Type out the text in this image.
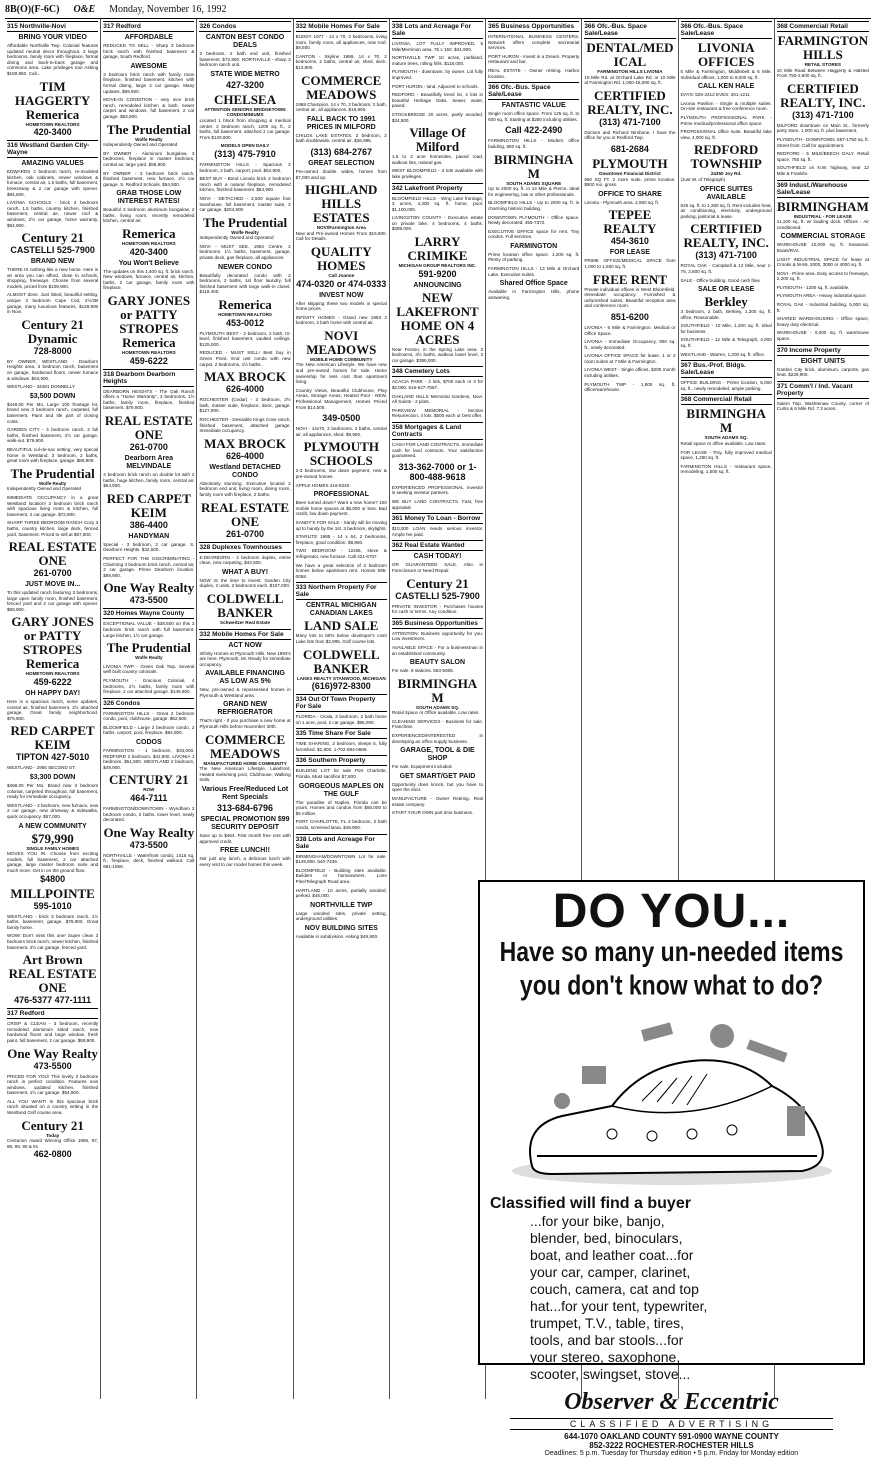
8B(O)(F-6C) O&E Monday, November 16, 1992
315 Northville-Novi
BRING YOUR VIDEO
Affordable Northville Twp. Colonial features updated neutral decor throughout, 3 large bedrooms, family room with fireplace, formal dining and back-to-back garage and commons area. Lake privileges too! Asking $159,850. Call...
TIM HAGGERTY
Remerica
HOMETOWN REALTORS
420-3400
316 Westland Garden City-Wayne
AMAZING VALUES
EDWARDS 3 bedroom ranch, re-modeled kitchen, oak cabinets, newer windows & furnace, central air, 1.5 baths, full basement, breezeway & 2 car garage with opener. $94,500.
LIVONIA SCHOOLS - brick 3 bedroom ranch, 1.5 baths, country kitchen, finished basement, central air, newer roof & windows, 2½ car garage, home warranty. $84,900.
Century 21
CASTELLI 525-7900
BRAND NEW
THERE IS nothing like a new home. Here is an area you can afford, close to schools, shopping, freeways. Choose from several models, priced from $109,900.
ALMOST done. Just listed, beautiful setting, unique 3 bedroom Cape Cod, 2½/2B garage, many luxurious features, $129,900 in Novi.
Century 21 Dynamic
728-8000
BY OWNER, WESTLAND - Dearborn Heights area, 3 bedroom ranch, basement on garage, hardwood floors, newer furnace & windows. $64,500.
WESTLAND - 34481 DONNELLY
$3,500 DOWN
$448.00 Per Mo. Large 100 frontage lot, brand new 3 bedroom ranch, carpeted, full basement. Paint and tile part of closing costs.
GARDEN CITY - 3 bedroom ranch, 2 full baths, finished basement, 2½ car garage, walk-out. $79,900.
BEAUTIFUL cul-de-sac setting, very special home in Westland. 3 bedroom, 2 baths, great room with fireplace, garage. $89,900.
The Prudential
Wolfe Realty
Independently Owned and Operated
IMMEDIATE OCCUPANCY in a great Westland location! 3 bedroom brick ranch with spacious living room & kitchen, full basement, 2 car garage. $72,900.
SHARP THREE BEDROOM RANCH Cozy 3 baths, country kitchen, large deck, fenced yard, basement. Priced to sell at $67,500.
REAL ESTATE ONE
261-0700
JUST MOVE IN...
To this updated ranch featuring 3 bedrooms, large open family room, finished basement, fenced yard and 2 car garage with opener. $59,900.
GARY JONES or PATTY STROPES
Remerica
HOMETOWN REALTORS
459-6222
OH HAPPY DAY!
Here is a spacious ranch, some updates, central air, finished basement, 2½ attached garage. Great family neighborhood. $79,900.
RED CARPET KEIM
TIPTON 427-5010
WESTLAND - 2955 SECOND ST.
$3,300 DOWN
$468.00 Per Mo. Brand new 3 bedroom colonial, carpeted throughout, full basement, ready for immediate occupancy.
WESTLAND - 3 bedroom, new furnace, new 2 car garage, new driveway & sidewalks, quick occupancy. $57,000.
A NEW COMMUNITY
$79,990
SINGLE FAMILY HOMES
MOVES YOU IN. Choose from exciting models, full basement, 2 car attached garage, large master bedroom suite and much more. Get in on the ground floor.
$4800
MILLPOINTE
595-1010
WESTLAND - brick 3 bedroom ranch, 1½ baths, basement, garage. $79,900. Great family home.
WOW! Don't miss this one! Super clean 3 bedroom brick ranch, newer kitchen, finished basement, 2½ car garage, fenced yard.
Art Brown
REAL ESTATE ONE
476-5377 477-1111
317 Redford
CRISP & CLEAN - 3 bedroom, recently remodeled aluminum sided ranch, new hardwood floors and large window, fresh paint, full basement, 2 car garage. $59,900.
One Way Realty
473-5500
PRICED FOR YOU! This lovely 3 bedroom ranch in perfect condition. Features new windows, updated kitchen, finished basement, 1½ car garage. $54,900.
ALL YOU WANT! In this spacious brick ranch situated on a country setting in the Westland Golf course area.
Century 21
Today
Centurion Award Winning Office 1986, 87, 88, 89, 90 & 91
462-0800
317 Redford
AFFORDABLE
REDUCED TO SELL - Sharp 3 bedroom brick ranch with finished basement & garage, South Redford.
AWESOME
3 bedroom brick ranch with family room fireplace, finished basement, kitchen with formal dining, large 2 car garage. Many updates. $69,900.
MOVE-IN CONDITION - very nice brick ranch, remodeled kitchen & bath, newer carpet and windows, full basement, 2 car garage. $63,900.
The Prudential
Wolfe Realty
Independently Owned and Operated
BY OWNER - Aluminum bungalow, 3 bedrooms, fireplace in master bedroom, central air, large yard. $58,900.
BY OWNER - 3 bedroom brick ranch, finished basement, new furnace, 2½ car garage. S. Redford Schools. $54,500.
GRAB THOSE LOW INTEREST RATES!
Beautiful 3 bedroom aluminum bungalow, 2 baths, living room, recently remodeled kitchen, central air.
Remerica
HOMETOWN REALTORS
420-3400
You Won't Believe
The updates on this 1,400 sq. ft. brick ranch. New windows, furnace, central air, kitchen, baths, 2 car garage, family room with fireplace.
GARY JONES or PATTY STROPES
Remerica
HOMETOWN REALTORS
459-6222
318 Dearborn Dearborn Heights
DEARBORN HEIGHTS - The Oak Ranch offers a "Home Warranty", 3 bedrooms, 1½ baths, family room, fireplace, finished basement. $79,900.
REAL ESTATE ONE
261-0700
Dearborn Area MELVINDALE
4 bedroom brick ranch on double lot with 2 baths, huge kitchen, family room, central air. $54,900.
RED CARPET KEIM
386-4400
HANDYMAN
Special - 3 bedroom, 2 car garage. S. Dearborn Heights. $32,500.
PERFECT FOR THE DISCRIMINATING - Charming 3 bedroom brick ranch, central air, 2 car garage. Prime Dearborn location. $89,900.
One Way Realty
473-5500
320 Homes Wayne County
EXCEPTIONAL VALUE - $38,500 on this 3 bedroom brick ranch with full basement. Large kitchen, 1½ car garage.
The Prudential
Wolfe Realty
LIVONIA TWP - Green Oak Twp. Several well built country colonials.
PLYMOUTH - Gracious Colonial, 4 bedrooms, 2½ baths, family room with fireplace, 2 car attached garage. $149,900.
326 Condos
FARMINGTON HILLS - Great 2 bedroom condo, pool, clubhouse, garage. $62,500.
BLOOMFIELD - Large 2 bedroom condo, 2 baths, carport, pool, fireplace. $64,900.
CODOS
FARMINGTON - 1 bedroom, $34,000. REDFORD 2 bedroom, $42,900. LIVONIA 1 bedroom. $51,900. WESTLAND 2 bedroom, $49,900.
CENTURY 21
ROW
464-7111
FARMINGTON/DOWNTOWN - Wyndham 2 bedroom condo, 2 baths, lower level, newly decorated.
One Way Realty
473-5500
NORTHVILLE - Waterfront condo, 1415 sq. ft., fireplace, deck, finished walkout. Call 681-1858.
326 Condos
CANTON BEST CONDO DEALS
2 bedroom, 2 bath end unit, finished basement. $72,900. NORTHVILLE - sharp 3 bedroom ranch unit.
STATE WIDE METRO
427-3200
CHELSEA
ATTENTION SENIORS BRIDGETOWN CONDOMINIUMS
Located 1 block from shopping & medical center. 2 bedroom ranch, 1200 sq. ft., 2 baths, full basement, attached 2 car garage. From $129,900.
MODELS OPEN DAILY
(313) 475-7910
FARMINGTON HILLS - Spacious 2 bedroom, 2 bath, carport, pool. $54,900.
BEST BUY - Bond Livonia brick 2 bedroom ranch with a natural fireplace, remodeled kitchen, finished basement. $84,900.
NOVI - DETACHED - 2,500 square foot townhouse, full basement, master suite, 2 car garage. $204,500.
The Prudential
Wolfe Realty
Independently Owned and Operated
NOVI - MUST SEE. 1984 Centre, 2 bedrooms, 1½ baths, basement, garage, private deck, gas fireplace, all appliances.
NEWER CONDO
Beautifully decorated condo with 2 bedrooms, 2 baths, 1st floor laundry, full finished basement with large walk-in closet. $119,400.
Remerica
HOMETOWN REALTORS
453-0012
PLYMOUTH BEST - 2 bedroom, 2 bath, tri-level, finished basement, vaulted ceilings. $125,000.
REDUCED - MUST SELL! Best buy in Green Point. End unit condo with new carpet, 2 bedrooms, 1½ baths.
MAX BROCK
626-4000
ROCHESTER (Cedar) - 3 bedroom, 3½ bath, master suite, fireplace, deck, garage. $127,900.
ROCHESTER - Desirable Kings Cove ranch, finished basement, attached garage. Immediate occupancy.
MAX BROCK
626-4000
Westland DETACHED CONDO
Absolutely stunning. Executive located 2 bedroom end unit, living room, dining room, family room with fireplace, 2 baths.
REAL ESTATE ONE
261-0700
328 Duplexes Townhouses
E.DEARBORN - 2 bedroom duplex, entire clean, new carpeting, $43,500.
WHAT A BUY!
NOW IS the time to invest. Garden City duplex, 2 units, 2 bedrooms each. $107,000.
COLDWELL BANKER
Schweitzer Real Estate
332 Mobile Homes For Sale
ACT NOW
Infinity Homes at Plymouth Hills. New 1993's are here. Plymouth, Mi. Ready for immediate occupancy.
AVAILABLE FINANCING AS LOW AS 5%
New, pre-owned & repossessed homes in Plymouth & Westland area.
GRAND NEW REFRIGERATOR
That's right - If you purchase a new home at Plymouth Hills before November 30th.
COMMERCE MEADOWS
MANUFACTURED HOME COMMUNITY
The New American Lifestyle. Lakefront, Heated swimming pool, Clubhouse, Walking trails.
Various Free/Reduced Lot Rent Specials
313-684-6796
SPECIAL PROMOTION $99 SECURITY DEPOSIT
Save up to $454. First month free rent with approved credit.
FREE LUNCH!!
Not just any lunch, a delicious lunch with every visit to our model homes this week.
332 Mobile Homes For Sale
BUDDY 1977 - 14 x 70, 2 bedrooms, living room, family room, all appliances, new roof. $8,500.
CANTON - Skyline 1989, 14 x 70, 2 bedrooms, 2 baths, central air, shed, deck. $13,900.
COMMERCE MEADOWS
1988 Champion, 14 x 70, 3 bedroom, 2 bath, central air, all appliances. $18,900.
FALL BACK TO 1991 PRICES IN MILFORD
CHILDS LAKE ESTATES. 2 bedroom, 2 bath doublewide, central air, $26,995.
(313) 684-2767
GREAT SELECTION
Pre-owned double wides, homes from $7,000 and up.
HIGHLAND HILLS ESTATES
NOVI/Farmington Area
New and Pre-owned Homes From $15,900. Call for Details.
QUALITY HOMES
Call Joanne
474-0320 or 474-0333
INVEST NOW
After skipping these two models in special home prices.
INFINITY HOMES - Grand new 1993 2 bedroom, 2 bath home with central air.
NOVI MEADOWS
MOBILE HOME COMMUNITY
The New American Lifestyle. We have new and pre-owned homes for sale. Home ownership for less cost than apartment living.
Country Views, Beautiful Clubhouse, Play Areas, Storage Areas, Heated Pool - NEW, Professional Management, Homes Priced From $14,500.
349-0500
NOVI - 14x70, 2 bedrooms, 2 baths, central air, all appliances, shed. $9,950.
PLYMOUTH SCHOOLS
2-3 bedrooms, low down payment, new & pre-owned homes.
APPLE HOMES 416-8240
PROFESSIONAL
Been turned down? Want a new home? 100 mobile home spaces at $5,000 or less. Bad credit, low down payment.
SANDY'S FOR SALE - Sandy will be moving up to handy by the 1st. 3 bedroom, skylights.
STARLITE 1985 - 14 x 64, 2 bedrooms, fireplace, good condition. $9,850.
TWO BEDROOM - 12x55, stove & refrigerator, new furnace. Call 421-6707.
We have a great selection of 2 bedroom homes below apartment rent. Homes 595-0058.
333 Northern Property For Sale
CENTRAL MICHIGAN CANADIAN LAKES
LAND SALE
Many lots to 50% below developer's cost! Lake lots from $2,995. Golf course lots.
COLDWELL BANKER
LAKES REALTY STANWOOD, MICHIGAN
(616)972-8300
334 Out Of Town Property For Sale
FLORIDA - Ocala, 3 bedroom, 2 bath home on 1 acre, pool, 2 car garage. $85,000.
335 Time Share For Sale
TIME SHARING, 2 bedroom, sleeps 6, fully furnished. $2,900. 1-702-594-0686.
336 Southern Property
BUILDING LOT for sale Port Charlotte, Florida. Must sacrifice $7,500.
GORGEOUS MAPLES ON THE GULF
The paradise of Naples, Florida can be yours. Homes and condos from $50,000 to $5 million.
PORT CHARLOTTE, FL 2 bedroom, 2 bath condo, screened lanai. $49,900.
338 Lots and Acreage For Sale
BIRMINGHAM/DOWNTOWN Lot for sale. $149,900. 540-7439.
BLOOMFIELD - Building sites available. Builders or homeowners. Lone Pine/Telegraph Road area.
HARTLAND - 10 acres, partially wooded, perked. $45,000.
NORTHVILLE TWP
Large wooded sites, private setting, underground utilities.
NOV BUILDING SITES
Available in subdivision. Asking $49,900.
338 Lots and Acreage For Sale
LIVONIA, LOT FULLY IMPROVED, 5 Mile/Merriman area. 75 x 150. $41,900.
NORTHVILLE TWP 10 acres, parkland, mature trees, rolling hills. $118,000.
PLYMOUTH - downtown, by owner. Lot fully improved.
PORT HURON - land. Adjacent to schools.
REDFORD - Beautifully treed lot, 4 lots in beautiful Heritage Oaks. Sewer, water, paved.
STOCKBRIDGE 20 acres, partly wooded, $34,500.
Village Of Milford
1.5 to 2 acre homesites, paved road, walkout lots, natural gas.
WEST BLOOMFIELD - 3 lots available with lake privileges.
342 Lakefront Property
BLOOMFIELD HILLS - Wing Lake frontage, 3 acres, 4,300 sq. ft. home, pool. $1,100,000.
LIVINGSTON COUNTY - Executive estate on private lake, 4 bedrooms, 4 baths. $389,000.
LARRY CRIMIKE
MICHIGAN GROUP REALTORS INC.
591-9200
ANNOUNCING
NEW LAKEFRONT HOME ON 4 ACRES
Near Fenton, in the Spring Lake area. 3 bedrooms, 3½ baths, walkout lower level, 3 car garage. $389,000.
348 Cemetery Lots
ACACIA PARK - 2 lots, $700 each or 3 for $2,000. 616-627-7567.
OAKLAND HILLS Memorial Gardens, Novi. All Saints - 2 plots.
PARKVIEW MEMORIAL - Section Resurrection, 4 lots. $500 each or best offer.
358 Mortgages & Land Contracts
CASH FOR LAND CONTRACTS. Immediate cash for land contracts. Your satisfaction guaranteed.
313-362-7000 or 1-800-488-9618
EXPERIENCED PROFESSIONAL investor is seeking investor partners.
WE BUY LAND CONTRACTS. Fast, free appraisal.
361 Money To Loan - Borrow
$10,000 LOAN needs serious investor. Ample fee paid.
362 Real Estate Wanted
CASH TODAY!
OR GUARANTEED SALE. Also in Foreclosure or Need Repair.
Century 21
CASTELLI 525-7900
PRIVATE INVESTOR - Purchases houses for cash or terms. Any condition.
365 Business Opportunities
ATTENTION: Business opportunity for you. Low investment.
AVAILABLE SPACE - For a businessman in an established community.
BEAUTY SALON
For sale. 8 stations. 553-5085.
BIRMINGHAM
SOUTH ADAMS SQ.
Retail Space or Office available. Low rates.
CLEANING SERVICES - Business for sale. Franchise.
EXPERIENCED/INTERESTED in developing an office supply business.
GARAGE, TOOL & DIE SHOP
For sale. Equipment included.
GET SMART/GET PAID
Opportunity does knock, but you have to open the door.
MANUFACTURE - Owner Retiring. Real estate company.
START YOUR OWN part time business.
365 Business Opportunities
INTERNATIONAL BUSINESS CENTERS. Network offers complete secretarial services.
PORT HURON - Invest in a Dream. Property restaurant and bar.
REAL ESTATE - Owner retiring. Harbor location.
366 Ofc.-Bus. Space Sale/Lease
FANTASTIC VALUE
Single room office space. From 125 sq. ft. to 600 sq. ft. Starting at $250 including utilities.
Call 422-2490
FARMINGTON HILLS - Modern office building, 850 sq. ft.
BIRMINGHAM
SOUTH ADAMS SQUARE
Up to 2000 sq. ft. in 14 Mile & Pierce. Ideal for engineering, law or other professionals.
BLOOMFIELD HILLS - Up to 2000 sq. ft. in charming historic building.
DOWNTOWN PLYMOUTH - Office space. Newly decorated. 455-7372.
EXECUTIVE OFFICE space for rent. Tiny condos. Full services.
FARMINGTON
Prime location office space. 1,200 sq. ft. Plenty of parking.
FARMINGTON HILLS - 13 Mile & Orchard Lake. Executive suites.
Shared Office Space
Available in Farmington Hills, phone answering.
366 Ofc.-Bus. Space Sale/Lease
DENTAL/MEDICAL
FARMINGTON HILLS LIVONIA
10 Mile Rd. at Orchard Lake Rd. or 10 Mile at Farmington Rd. 1,000-16,000 sq. ft.
CERTIFIED REALTY, INC.
(313) 471-7100
Doctors and Richard Nimbone. I have the office for you in Redford Twp.
681-2684
PLYMOUTH
Downtown Financial District
650 SQ FT. 2 room suite, prime location. $900 mo. gross.
OFFICE TO SHARE
Livonia - Plymouth area. 2,550 sq. ft.
TEPEE REALTY
454-3610
FOR LEASE
PRIME OFFICE/MEDICAL SPACE from 1,000 to 1,500 sq. ft.
FREE RENT
Private individual offices in West Bloomfield. Immediate occupancy. Furnished & unfurnished suites. Beautiful reception area and conference room.
851-6200
LIVONIA - 6 Mile & Farmington. Medical or Office Space.
LIVONIA - Immediate Occupancy, 900 sq. ft., newly decorated.
LIVONIA OFFICE SPACE for lease, 1 or 2 room suites at 7 Mile & Farmington.
LIVONIA WEST - Single offices, $200 month including utilities.
PLYMOUTH TWP - 1,800 sq. ft. office/warehouse.
366 Ofc.-Bus. Space Sale/Lease
LIVONIA OFFICES
5 Mile & Farmington, Middlebelt & 6 Mile. Individual offices, 1,000 to 8,000 sq. ft.
CALL KEN HALE
DAYS: 525-2412 EVES: 261-1211
Livonia Pavilion - Single & multiple suites. On-site restaurant & free conference room.
PLYMOUTH PROFESSIONAL PARK - Prime medical/professional office space.
PROFESSIONAL office suite. Beautiful lake view, 4,000 sq. ft.
REDFORD TOWNSHIP
24350 Joy Rd.
(Just W. of Telegraph)
OFFICE SUITES AVAILABLE
625 sq. ft. to 1,250 sq. ft. Rent includes heat, air conditioning, electricity, underground parking, janitorial & lease.
CERTIFIED REALTY, INC.
(313) 471-7100
ROYAL OAK - Campbell & 12 Mile, near 1-75, 2,600 sq. ft.
SALE - Office building. Good cash flow.
SALE OR LEASE
Berkley
3 bedroom, 2 bath, Berkley, 1,300 sq. ft. office. Reasonable.
SOUTHFIELD - 10 Mile, 1,200 sq. ft. Ideal for business.
SOUTHFIELD - 12 Mile & Telegraph, 4,000 sq. ft.
WESTLAND - Warren, 1,200 sq. ft. office.
367 Bus.-Prof. Bldgs. Sale/Lease
OFFICE BUILDING - Prime location, 5,000 sq. ft., newly remodeled, ample parking.
368 Commercial/ Retail
BIRMINGHAM
SOUTH ADAMS SQ.
Retail space or office available. Low rates.
FOR LEASE - Troy, fully improved medical space, 1,250 sq. ft.
FARMINGTON HILLS - restaurant space, remodeling, 1,500 sq. ft.
368 Commercial/ Retail
FARMINGTON HILLS
RETAIL STORES
10 Mile Road Between Haggerty & Halsted From 750-2,600 sq. ft.
CERTIFIED REALTY, INC.
(313) 471-7100
MILFORD downtown on Main St., formerly party store. 1,000 sq. ft. plus basement.
PLYMOUTH - DOWNTOWN. 587-1750 sq. ft. Street front. Call for appointment.
REDFORD - 5 MILE/BEECH DALY. Retail space. 750 sq. ft.
SOUTHFIELD on N.W. highway, near 12 Mile & Franklin.
369 Indust./Warehouse Sale/Lease
BIRMINGHAM
INDUSTRIAL - FOR LEASE
11,100 sq. ft. w/ loading dock. Offices - Air conditioned.
COMMERCIAL STORAGE
WAREHOUSE 10,000 sq. ft. Seasonal. Boats/RVs.
LIGHT INDUSTRIAL SPACE for lease at Crooks & M-59, 2000, 3000 or 4000 sq. ft.
NOVI - Prime area. Easy access to freeways, 2,200 sq. ft.
PLYMOUTH - 1200 sq. ft. available.
PLYMOUTH AREA - Heavy industrial space.
ROYAL OAK - Industrial building, 5,000 sq. ft.
SHARED WAREHOUSING - Office space, heavy duty electrical.
WAREHOUSE - 5,000 sq. ft. warehouse space.
370 Income Property
EIGHT UNITS
Garden City brick, aluminum, carports, gas heat. $229,900.
371 Comm'l / Ind. Vacant Property
Salem Twp. Washtenaw County, corner of Curtis & 6 Mile Rd. 7.3 acres.
DO YOU...
Have so many un-needed items you don't know what to do?
Classified will find a buyer
...for your bike, banjo,
blender, bed, binoculars,
boat, and leather coat...for
your car, camper, clarinet,
couch, camera, cat and top
hat...for your tent, typewriter,
trumpet, T.V., table, tires,
tools, and bar stools...for
your stereo, saxophone,
scooter, swingset, stove...
Observer & Eccentric
CLASSIFIED ADVERTISING
644-1070 OAKLAND COUNTY 591-0900 WAYNE COUNTY
852-3222 ROCHESTER-ROCHESTER HILLS
Deadlines: 5 p.m. Tuesday for Thursday edition • 5 p.m. Friday for Monday edition
